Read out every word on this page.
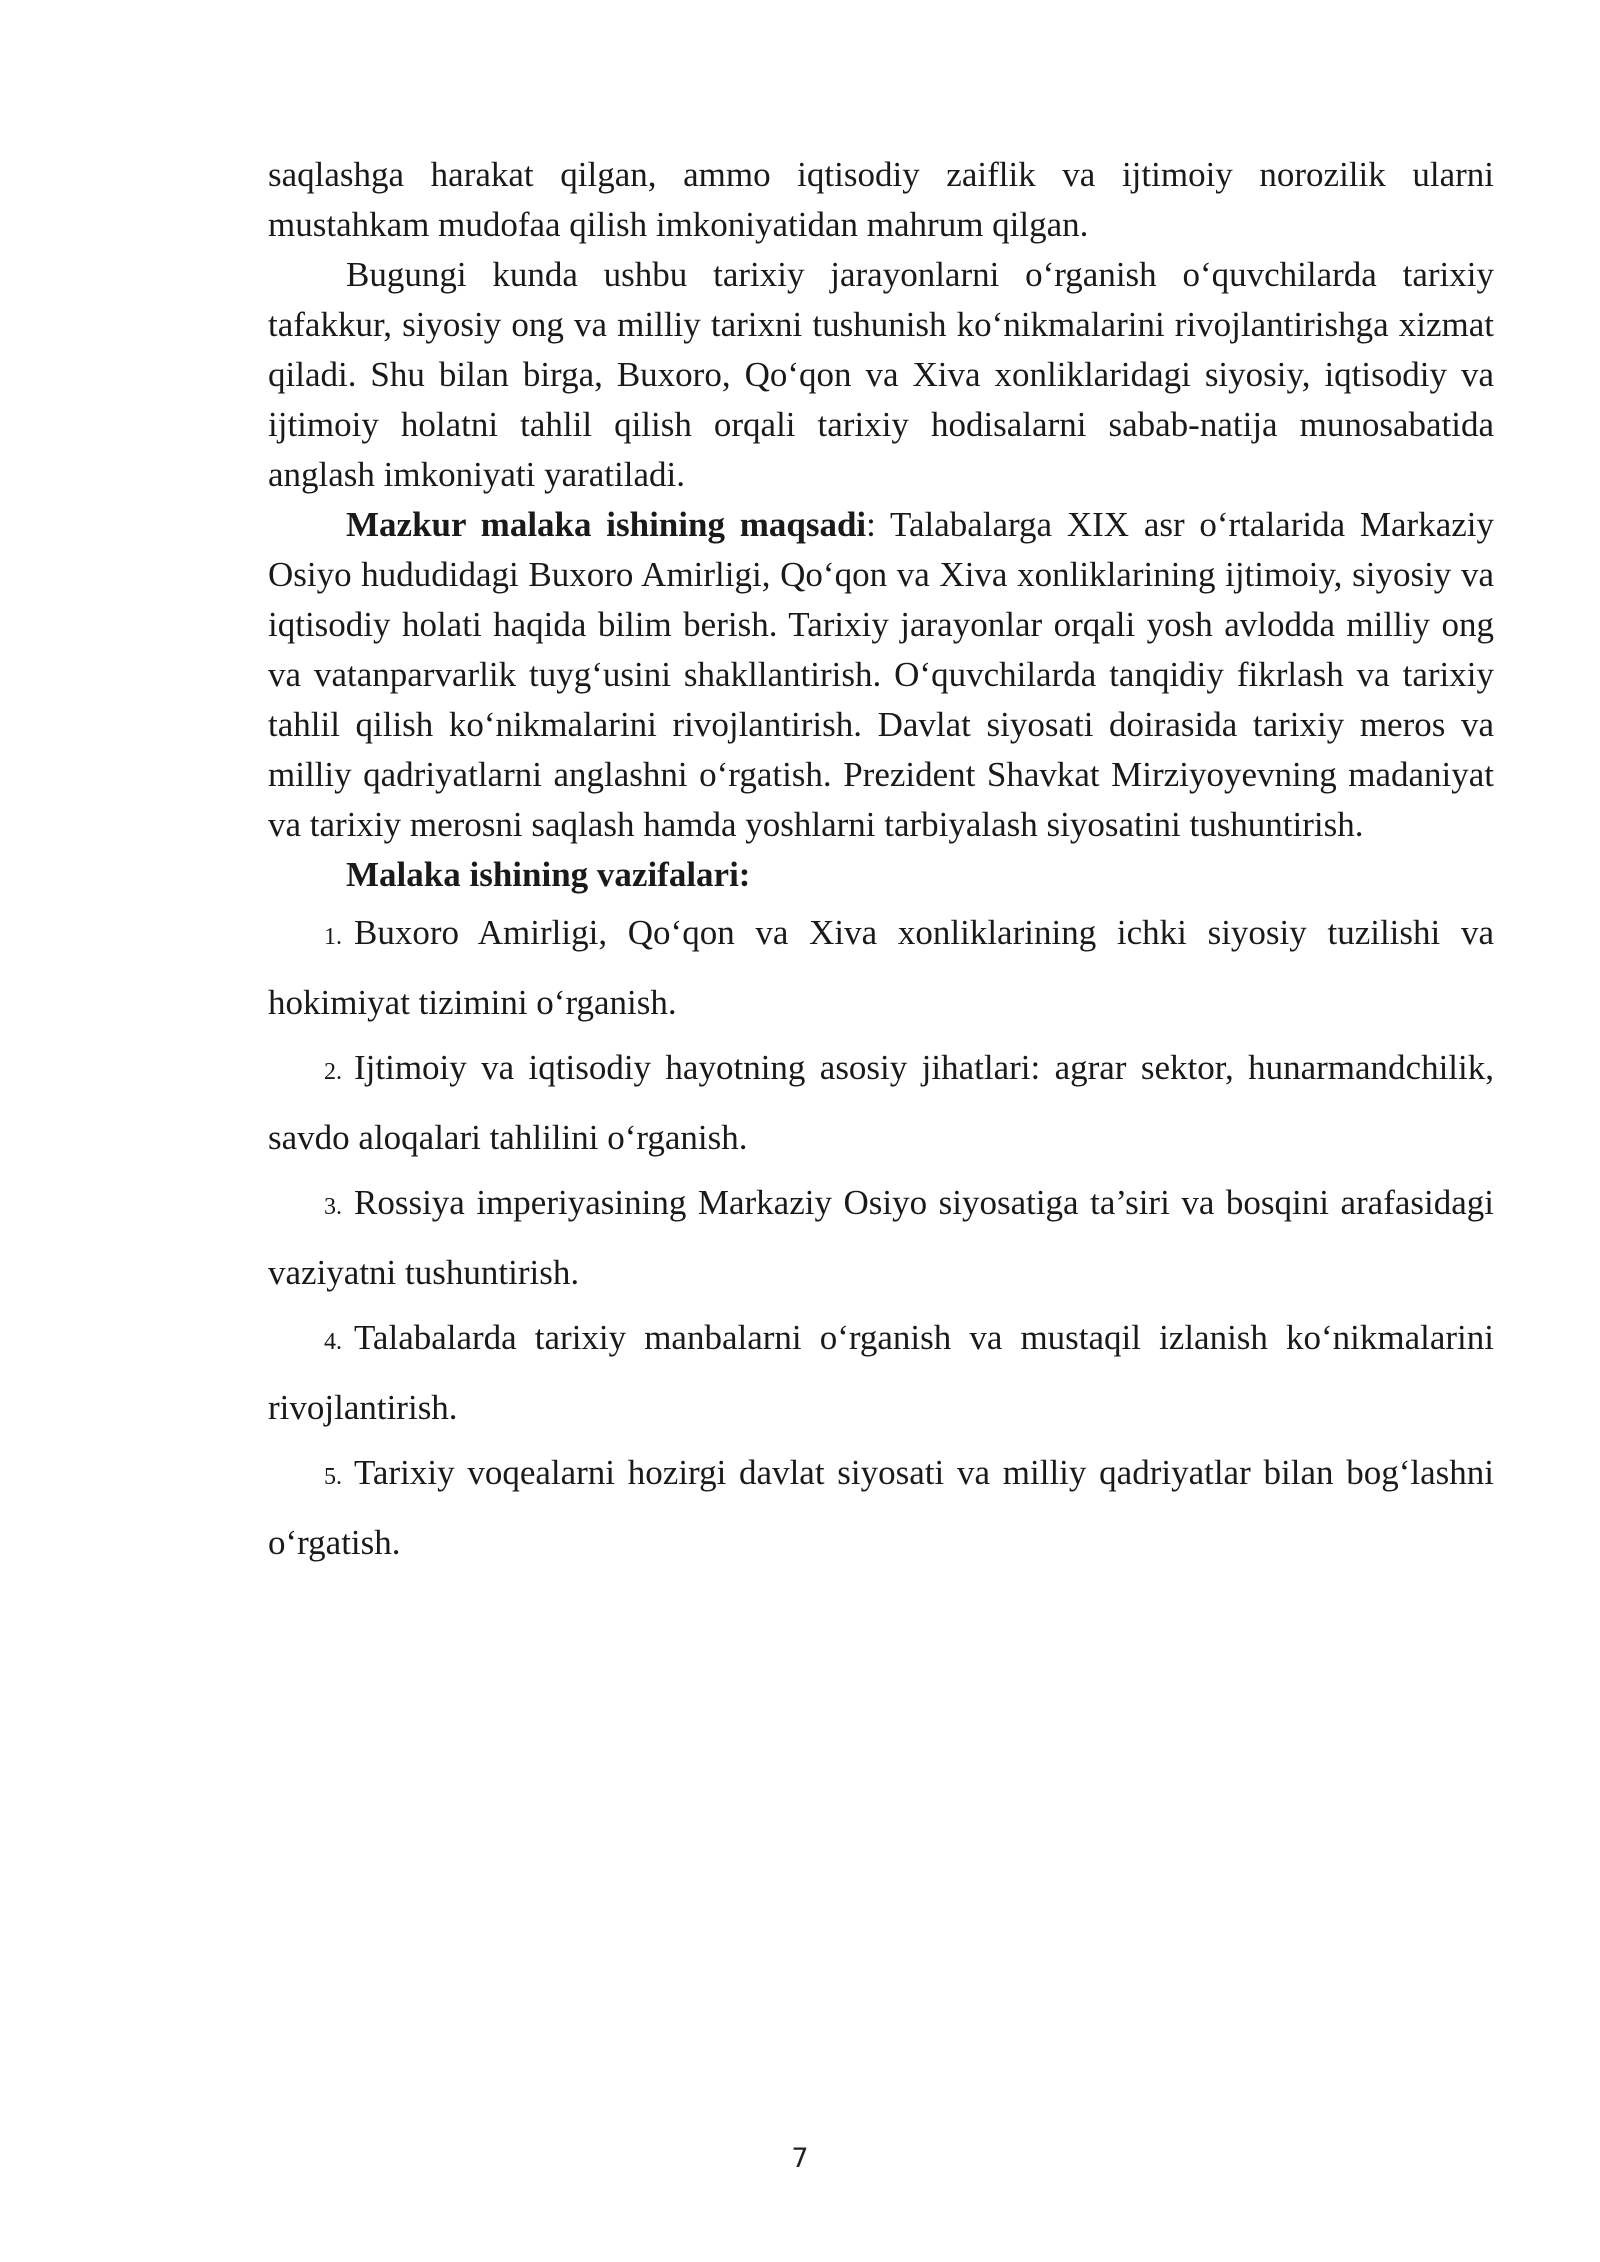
saqlashga harakat qilgan, ammo iqtisodiy zaiflik va ijtimoiy norozilik ularni mustahkam mudofaa qilish imkoniyatidan mahrum qilgan.

Bugungi kunda ushbu tarixiy jarayonlarni o‘rganish o‘quvchilarda tarixiy tafakkur, siyosiy ong va milliy tarixni tushunish ko‘nikmalarini rivojlantirishga xizmat qiladi. Shu bilan birga, Buxoro, Qo‘qon va Xiva xonliklaridagi siyosiy, iqtisodiy va ijtimoiy holatni tahlil qilish orqali tarixiy hodisalarni sabab-natija munosabatida anglash imkoniyati yaratiladi.

Mazkur malaka ishining maqsadi: Talabalarga XIX asr o‘rtalarida Markaziy Osiyo hududidagi Buxoro Amirligi, Qo‘qon va Xiva xonliklarining ijtimoiy, siyosiy va iqtisodiy holati haqida bilim berish. Tarixiy jarayonlar orqali yosh avlodda milliy ong va vatanparvarlik tuyg‘usini shakllantirish. O‘quvchilarda tanqidiy fikrlash va tarixiy tahlil qilish ko‘nikmalarini rivojlantirish. Davlat siyosati doirasida tarixiy meros va milliy qadriyatlarni anglashni o‘rgatish. Prezident Shavkat Mirziyoyevning madaniyat va tarixiy merosni saqlash hamda yoshlarni tarbiyalash siyosatini tushuntirish.

Malaka ishining vazifalari:

1. Buxoro Amirligi, Qo‘qon va Xiva xonliklarining ichki siyosiy tuzilishi va hokimiyat tizimini o‘rganish.
2. Ijtimoiy va iqtisodiy hayotning asosiy jihatlari: agrar sektor, hunarmandchilik, savdo aloqalari tahlilini o‘rganish.
3. Rossiya imperiyasining Markaziy Osiyo siyosatiga ta’siri va bosqini arafasidagi vaziyatni tushuntirish.
4. Talabalarda tarixiy manbalarni o‘rganish va mustaqil izlanish ko‘nikmalarini rivojlantirish.
5. Tarixiy voqealarni hozirgi davlat siyosati va milliy qadriyatlar bilan bog‘lashni o‘rgatish.
7
